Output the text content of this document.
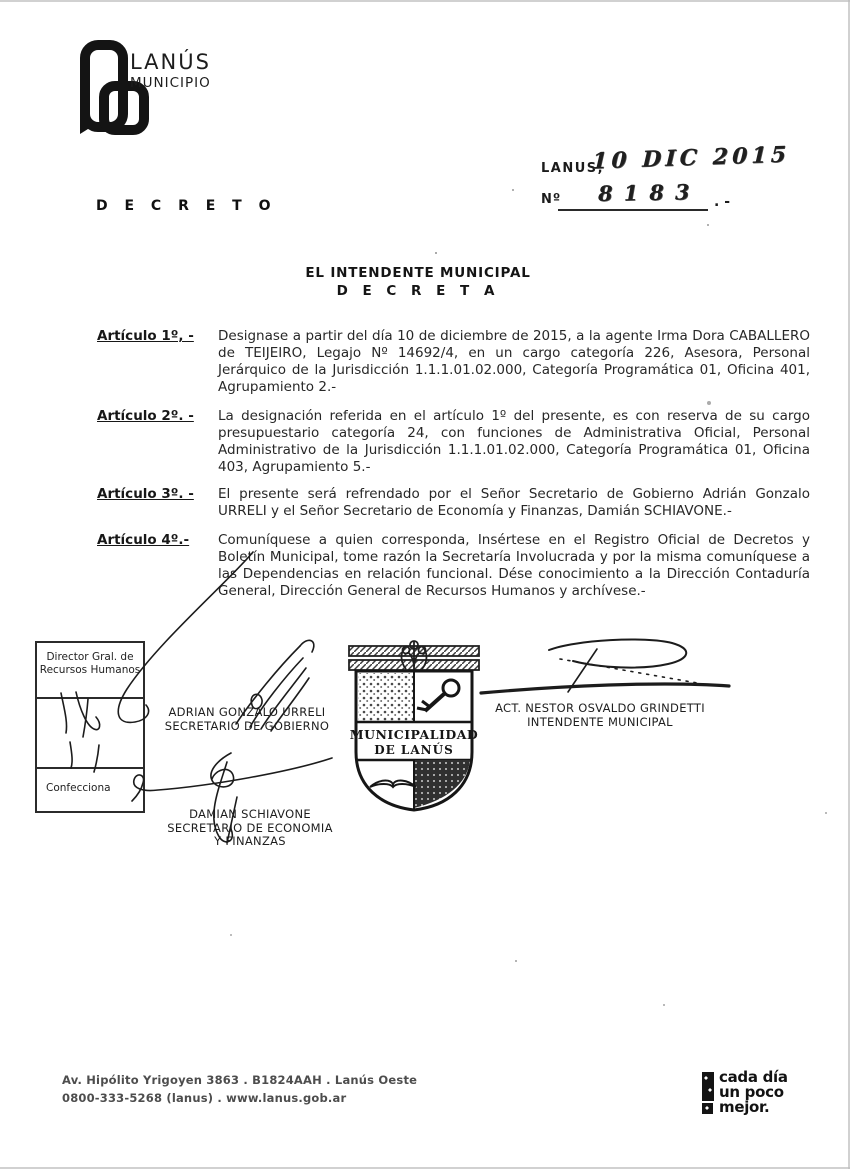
LANÚS
MUNICIPIO
LANUS,
10 DIC 2015
Nº 8183 . -
D E C R E T O
EL INTENDENTE MUNICIPAL
D E C R E T A
Artículo 1º, -	Designase a partir del día 10 de diciembre de 2015, a la agente Irma Dora CABALLERO de TEIJEIRO, Legajo Nº 14692/4, en un cargo categoría 226, Asesora, Personal Jerárquico de la Jurisdicción 1.1.1.01.02.000, Categoría Programática 01, Oficina 401, Agrupamiento 2.-
Artículo 2º. -	La designación referida en el artículo 1º del presente, es con reserva de su cargo presupuestario categoría 24, con funciones de Administrativa Oficial, Personal Administrativo de la Jurisdicción 1.1.1.01.02.000, Categoría Programática 01, Oficina 403, Agrupamiento 5.-
Artículo 3º. -	El presente será refrendado por el Señor Secretario de Gobierno Adrián Gonzalo URRELI y el Señor Secretario de Economía y Finanzas, Damián SCHIAVONE.-
Artículo 4º.-	Comuníquese a quien corresponda, Insértese en el Registro Oficial de Decretos y Boletín Municipal, tome razón la Secretaría Involucrada y por la misma comuníquese a las Dependencias en relación funcional. Dése conocimiento a la Dirección Contaduría General, Dirección General de Recursos Humanos y archívese.-
Director Gral. de Recursos Humanos
Confecciona
MUNICIPALIDAD
DE LANÚS
ADRIAN GONZALO URRELI
SECRETARIO DE GOBIERNO
DAMIAN SCHIAVONE
SECRETARIO DE ECONOMIA
Y FINANZAS
ACT. NESTOR OSVALDO GRINDETTI
INTENDENTE MUNICIPAL
Av. Hipólito Yrigoyen 3863 . B1824AAH . Lanús Oeste
0800-333-5268 (lanus) . www.lanus.gob.ar
cada día
un poco
mejor.
